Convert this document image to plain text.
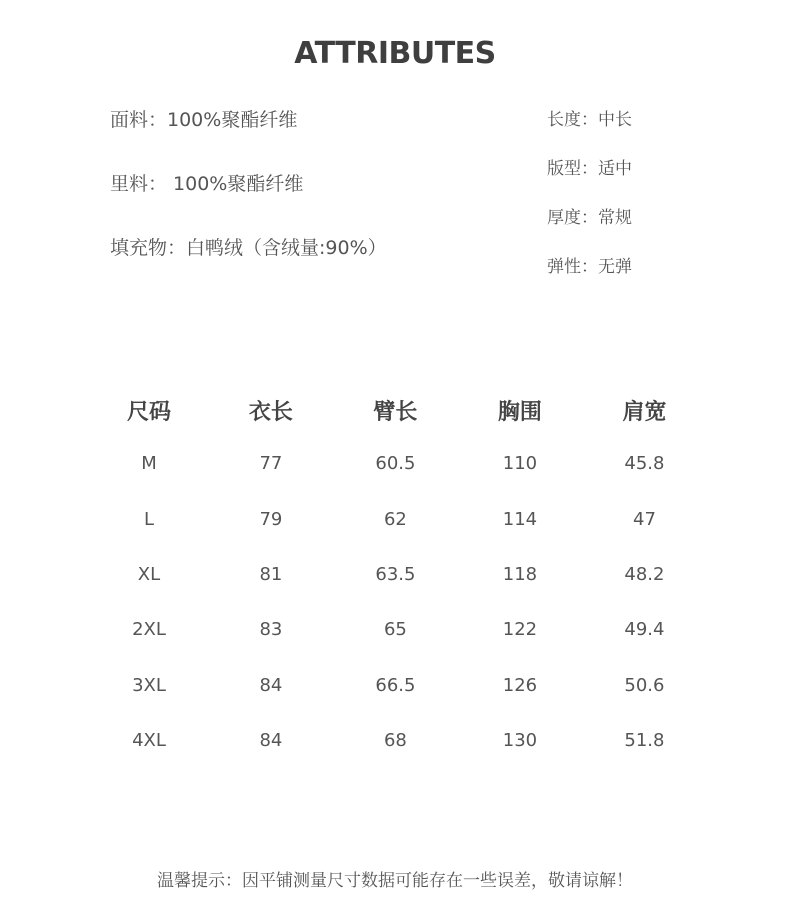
ATTRIBUTES
面料：100%聚酯纤维
里料： 100%聚酯纤维
填充物：白鸭绒（含绒量:90%）
长度：中长
版型：适中
厚度：常规
弹性：无弹
尺码	衣长	臂长	胸围	肩宽
M	77	60.5	110	45.8
L	79	62	114	47
XL	81	63.5	118	48.2
2XL	83	65	122	49.4
3XL	84	66.5	126	50.6
4XL	84	68	130	51.8
温馨提示：因平铺测量尺寸数据可能存在一些误差，敬请谅解！
